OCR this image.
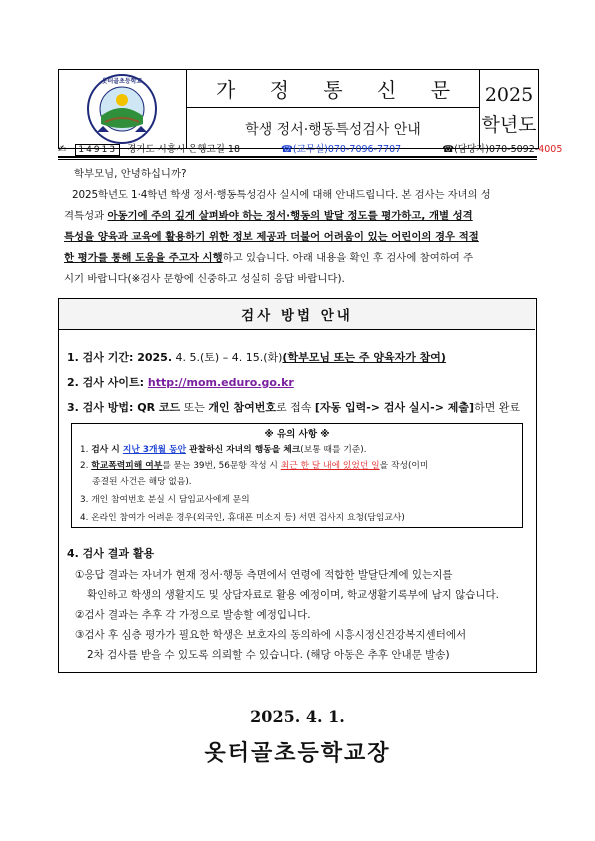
옷터골초등학교	가 정 통 신 문
학생 정서·행동특성검사 안내
2025
학년도
✍ 14913 경기도 시흥시 은행고길 18	☎(교무실)070-7096-7707	☎(담당자)070-5092-4005
학부모님, 안녕하십니까?
2025학년도 1·4학년 학생 정서·행동특성검사 실시에 대해 안내드립니다. 본 검사는 자녀의 성
격특성과 아동기에 주의 깊게 살펴봐야 하는 정서·행동의 발달 정도를 평가하고, 개별 성격
특성을 양육과 교육에 활용하기 위한 정보 제공과 더불어 어려움이 있는 어린이의 경우 적절
한 평가를 통해 도움을 주고자 시행하고 있습니다. 아래 내용을 확인 후 검사에 참여하여 주
시기 바랍니다(※검사 문항에 신중하고 성실히 응답 바랍니다).
검사 방법 안내
1. 검사 기간: 2025. 4. 5.(토) – 4. 15.(화)(학부모님 또는 주 양육자가 참여)
2. 검사 사이트: http://mom.eduro.go.kr
3. 검사 방법: QR 코드 또는 개인 참여번호로 접속 [자동 입력-> 검사 실시-> 제출]하면 완료
※ 유의 사항 ※
1. 검사 시 지난 3개월 동안 관찰하신 자녀의 행동을 체크(보통 때를 기준).
2. 학교폭력피해 여부를 묻는 39번, 56문항 작성 시 최근 한 달 내에 있었던 일을 작성(이미
종결된 사건은 해당 없음).
3. 개인 참여번호 분실 시 담임교사에게 문의
4. 온라인 참여가 어려운 경우(외국인, 휴대폰 미소지 등) 서면 검사지 요청(담임교사)
4. 검사 결과 활용
①응답 결과는 자녀가 현재 정서·행동 측면에서 연령에 적합한 발달단계에 있는지를
확인하고 학생의 생활지도 및 상담자료로 활용 예정이며, 학교생활기록부에 남지 않습니다.
②검사 결과는 추후 각 가정으로 발송할 예정입니다.
③검사 후 심층 평가가 필요한 학생은 보호자의 동의하에 시흥시정신건강복지센터에서
2차 검사를 받을 수 있도록 의뢰할 수 있습니다. (해당 아동은 추후 안내문 발송)
2025. 4. 1.
옷터골초등학교장
